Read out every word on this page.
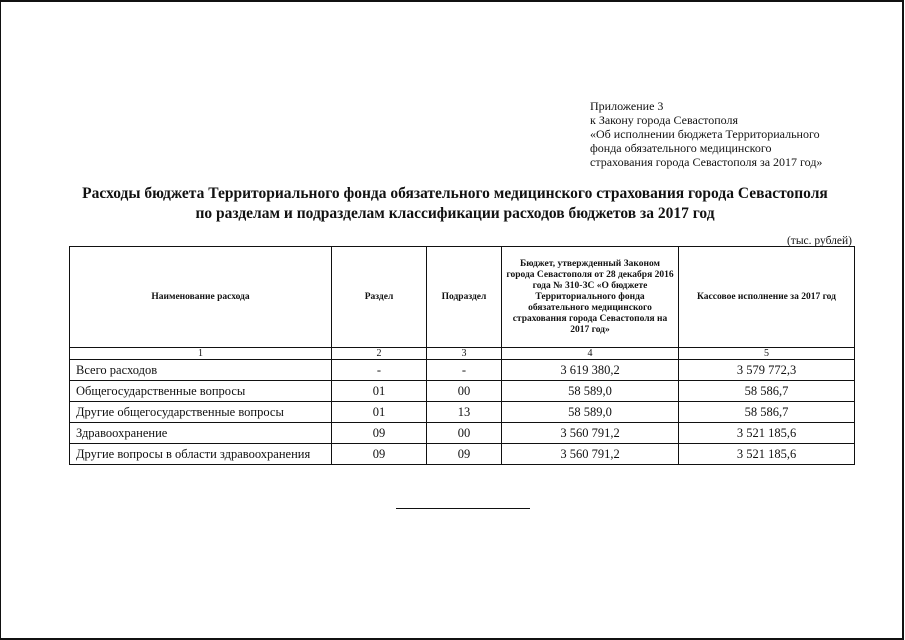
Приложение 3
к Закону города Севастополя
«Об исполнении бюджета Территориального
фонда обязательного медицинского
страхования города Севастополя за 2017 год»
Расходы бюджета Территориального фонда обязательного медицинского страхования города Севастополя
по разделам и подразделам классификации расходов бюджетов за 2017 год
(тыс. рублей)
Наименование расхода	Раздел	Подраздел	Бюджет, утвержденный Законом города Севастополя от 28 декабря 2016 года № 310-ЗС «О бюджете Территориального фонда обязательного медицинского страхования города Севастополя на 2017 год»	Кассовое исполнение за 2017 год
1	2	3	4	5
Всего расходов	-	-	3 619 380,2	3 579 772,3
Общегосударственные вопросы	01	00	58 589,0	58 586,7
Другие общегосударственные вопросы	01	13	58 589,0	58 586,7
Здравоохранение	09	00	3 560 791,2	3 521 185,6
Другие вопросы в области здравоохранения	09	09	3 560 791,2	3 521 185,6
